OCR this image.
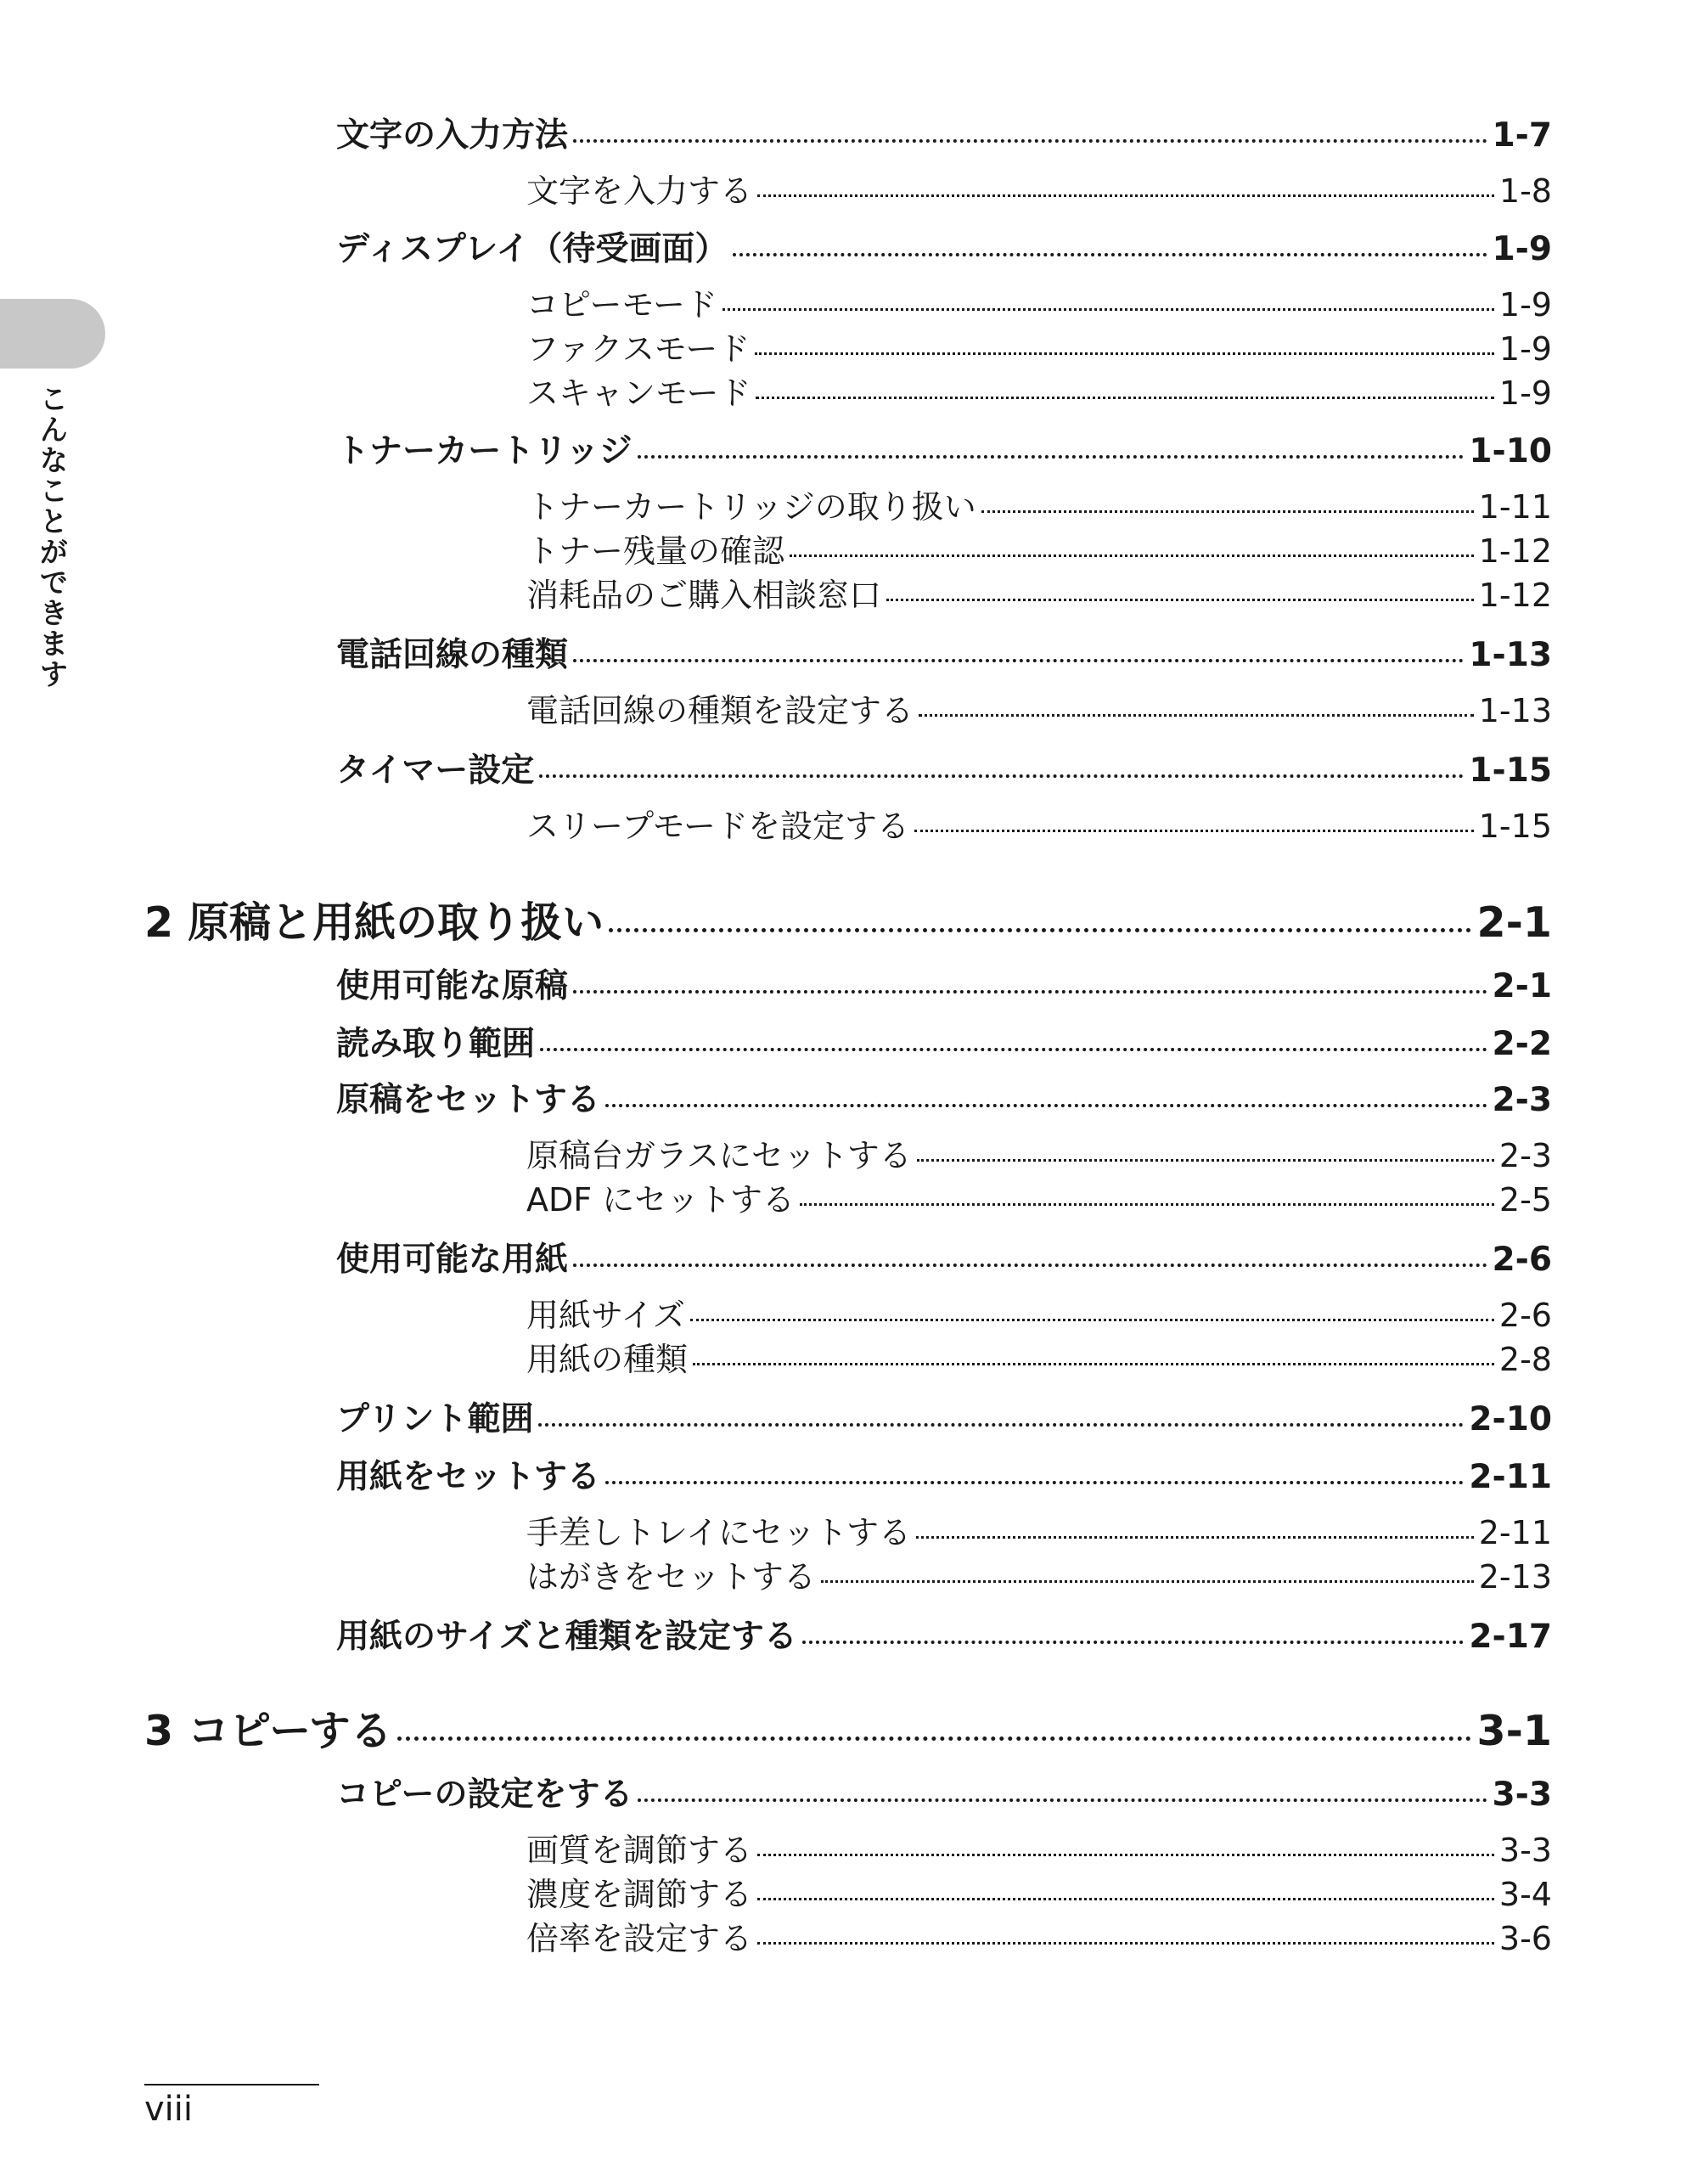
こんなことができます
文字の入力方法	1-7
文字を入力する	1-8
ディスプレイ（待受画面）	1-9
コピーモード	1-9
ファクスモード	1-9
スキャンモード	1-9
トナーカートリッジ	1-10
トナーカートリッジの取り扱い	1-11
トナー残量の確認	1-12
消耗品のご購入相談窓口	1-12
電話回線の種類	1-13
電話回線の種類を設定する	1-13
タイマー設定	1-15
スリープモードを設定する	1-15
2 原稿と用紙の取り扱い	2-1
使用可能な原稿	2-1
読み取り範囲	2-2
原稿をセットする	2-3
原稿台ガラスにセットする	2-3
ADF にセットする	2-5
使用可能な用紙	2-6
用紙サイズ	2-6
用紙の種類	2-8
プリント範囲	2-10
用紙をセットする	2-11
手差しトレイにセットする	2-11
はがきをセットする	2-13
用紙のサイズと種類を設定する	2-17
3 コピーする	3-1
コピーの設定をする	3-3
画質を調節する	3-3
濃度を調節する	3-4
倍率を設定する	3-6
viii
